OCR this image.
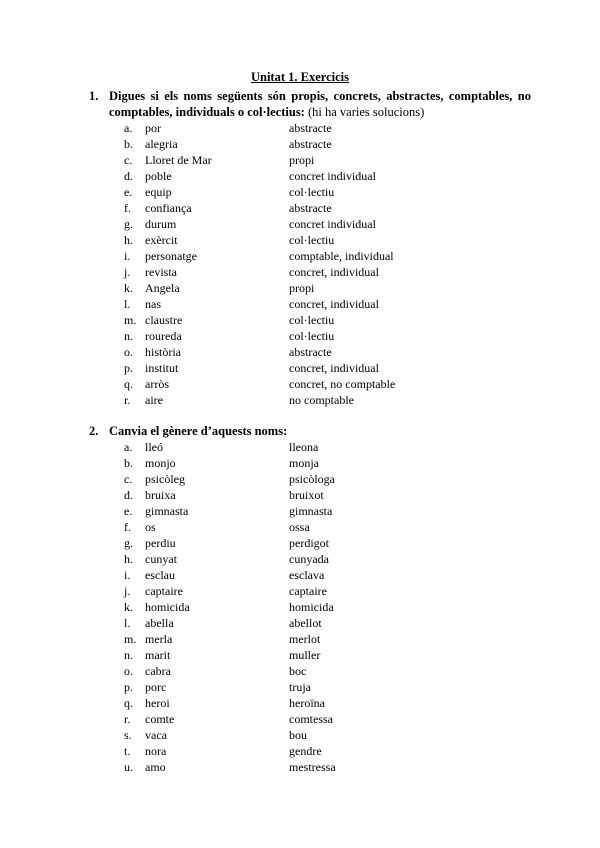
Unitat 1. Exercicis
1. Digues si els noms següents són propis, concrets, abstractes, comptables, no comptables, individuals o col·lectius: (hi ha varies solucions)
a.	por	abstracte
b.	alegria	abstracte
c.	Lloret de Mar	propi
d.	poble	concret individual
e.	equip	col·lectiu
f.	confiança	abstracte
g.	durum	concret individual
h.	exèrcit	col·lectiu
i.	personatge	comptable, individual
j.	revista	concret, individual
k.	Angela	propi
l.	nas	concret, individual
m. claustre	col·lectiu
n.	roureda	col·lectiu
o.	història	abstracte
p.	institut	concret, individual
q.	arròs	concret, no comptable
r.	aire	no comptable
2. Canvia el gènere d’aquests noms:
a.	lleó	lleona
b.	monjo	monja
c.	psicòleg	psicòloga
d.	bruixa	bruixot
e.	gimnasta	gimnasta
f.	os	ossa
g.	perdiu	perdigot
h.	cunyat	cunyada
i.	esclau	esclava
j.	captaire	captaire
k.	homicida	homicida
l.	abella	abellot
m. merla	merlot
n.	marit	muller
o.	cabra	boc
p.	porc	truja
q.	heroi	heroïna
r.	comte	comtessa
s.	vaca	bou
t.	nora	gendre
u.	amo	mestressa
